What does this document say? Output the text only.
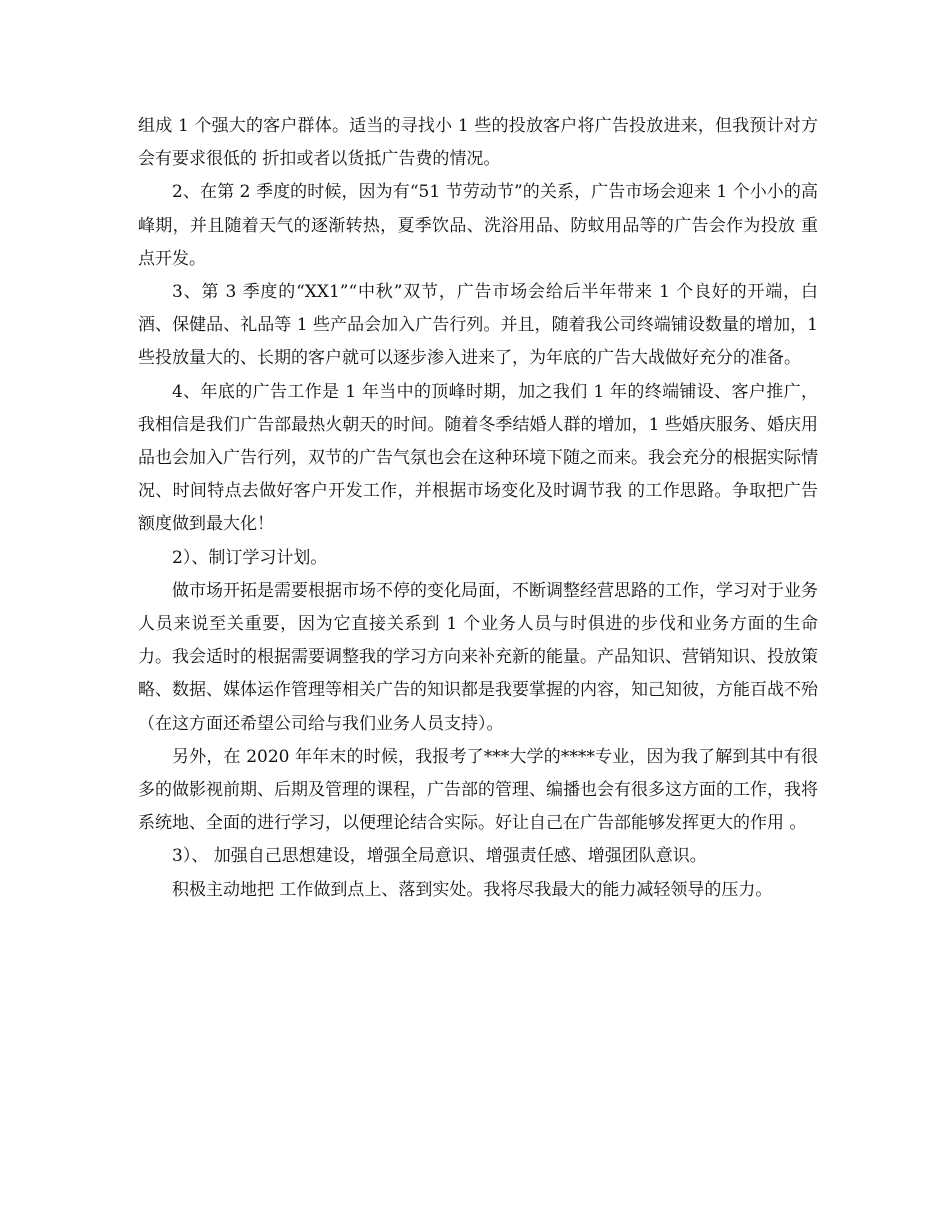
组成 1 个强大的客户群体。适当的寻找小 1 些的投放客户将广告投放进来，但我预计对方会有要求很低的 折扣或者以货抵广告费的情况。

2、在第 2 季度的时候，因为有“51 节劳动节”的关系，广告市场会迎来 1 个小小的高峰期，并且随着天气的逐渐转热，夏季饮品、洗浴用品、防蚊用品等的广告会作为投放 重点开发。

3、第 3 季度的“XX1”“中秋”双节，广告市场会给后半年带来 1 个良好的开端，白酒、保健品、礼品等 1 些产品会加入广告行列。并且，随着我公司终端铺设数量的增加，1 些投放量大的、长期的客户就可以逐步渗入进来了，为年底的广告大战做好充分的准备。

4、年底的广告工作是 1 年当中的顶峰时期，加之我们 1 年的终端铺设、客户推广，我相信是我们广告部最热火朝天的时间。随着冬季结婚人群的增加，1 些婚庆服务、婚庆用品也会加入广告行列，双节的广告气氛也会在这种环境下随之而来。我会充分的根据实际情况、时间特点去做好客户开发工作，并根据市场变化及时调节我 的工作思路。争取把广告额度做到最大化！

2）、制订学习计划。

做市场开拓是需要根据市场不停的变化局面，不断调整经营思路的工作，学习对于业务人员来说至关重要，因为它直接关系到 1 个业务人员与时俱进的步伐和业务方面的生命力。我会适时的根据需要调整我的学习方向来补充新的能量。产品知识、营销知识、投放策略、数据、媒体运作管理等相关广告的知识都是我要掌握的内容，知己知彼，方能百战不殆（在这方面还希望公司给与我们业务人员支持）。

另外，在 2020 年年末的时候，我报考了***大学的****专业，因为我了解到其中有很多的做影视前期、后期及管理的课程，广告部的管理、编播也会有很多这方面的工作，我将系统地、全面的进行学习，以便理论结合实际。好让自己在广告部能够发挥更大的作用 。

3）、 加强自己思想建设，增强全局意识、增强责任感、增强团队意识。

积极主动地把 工作做到点上、落到实处。我将尽我最大的能力减轻领导的压力。
